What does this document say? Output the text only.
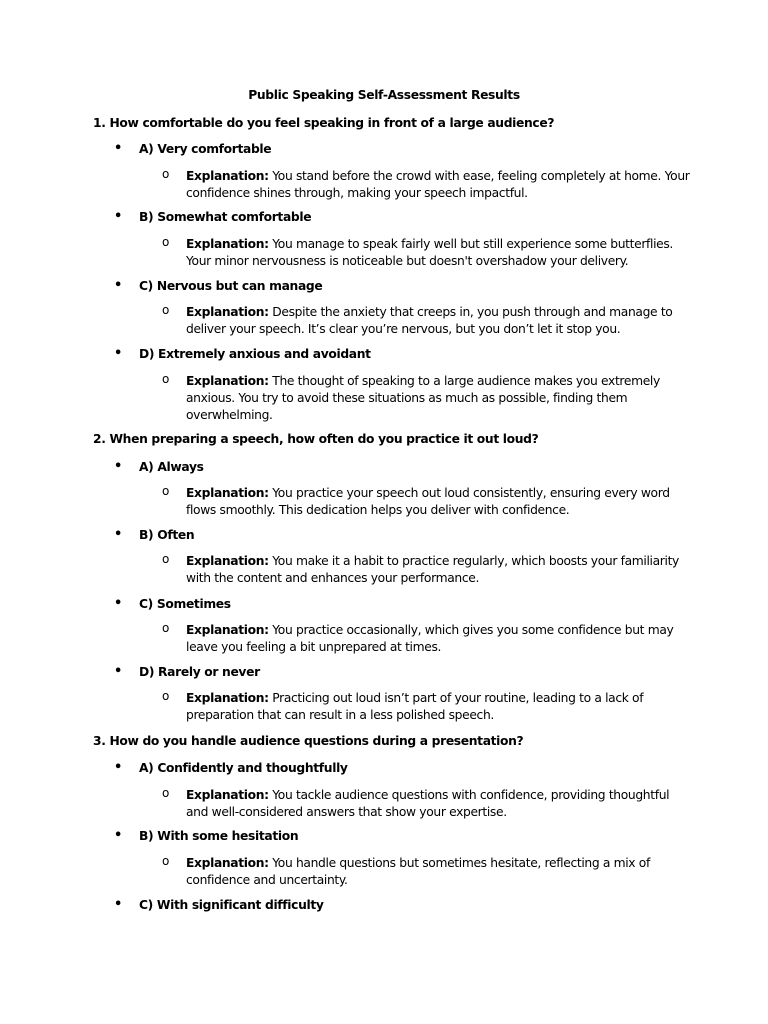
Public Speaking Self-Assessment Results
1. How comfortable do you feel speaking in front of a large audience?
• A) Very comfortable
o Explanation: You stand before the crowd with ease, feeling completely at home. Your confidence shines through, making your speech impactful.
• B) Somewhat comfortable
o Explanation: You manage to speak fairly well but still experience some butterflies. Your minor nervousness is noticeable but doesn't overshadow your delivery.
• C) Nervous but can manage
o Explanation: Despite the anxiety that creeps in, you push through and manage to deliver your speech. It’s clear you’re nervous, but you don’t let it stop you.
• D) Extremely anxious and avoidant
o Explanation: The thought of speaking to a large audience makes you extremely anxious. You try to avoid these situations as much as possible, finding them overwhelming.
2. When preparing a speech, how often do you practice it out loud?
• A) Always
o Explanation: You practice your speech out loud consistently, ensuring every word flows smoothly. This dedication helps you deliver with confidence.
• B) Often
o Explanation: You make it a habit to practice regularly, which boosts your familiarity with the content and enhances your performance.
• C) Sometimes
o Explanation: You practice occasionally, which gives you some confidence but may leave you feeling a bit unprepared at times.
• D) Rarely or never
o Explanation: Practicing out loud isn’t part of your routine, leading to a lack of preparation that can result in a less polished speech.
3. How do you handle audience questions during a presentation?
• A) Confidently and thoughtfully
o Explanation: You tackle audience questions with confidence, providing thoughtful and well-considered answers that show your expertise.
• B) With some hesitation
o Explanation: You handle questions but sometimes hesitate, reflecting a mix of confidence and uncertainty.
• C) With significant difficulty
